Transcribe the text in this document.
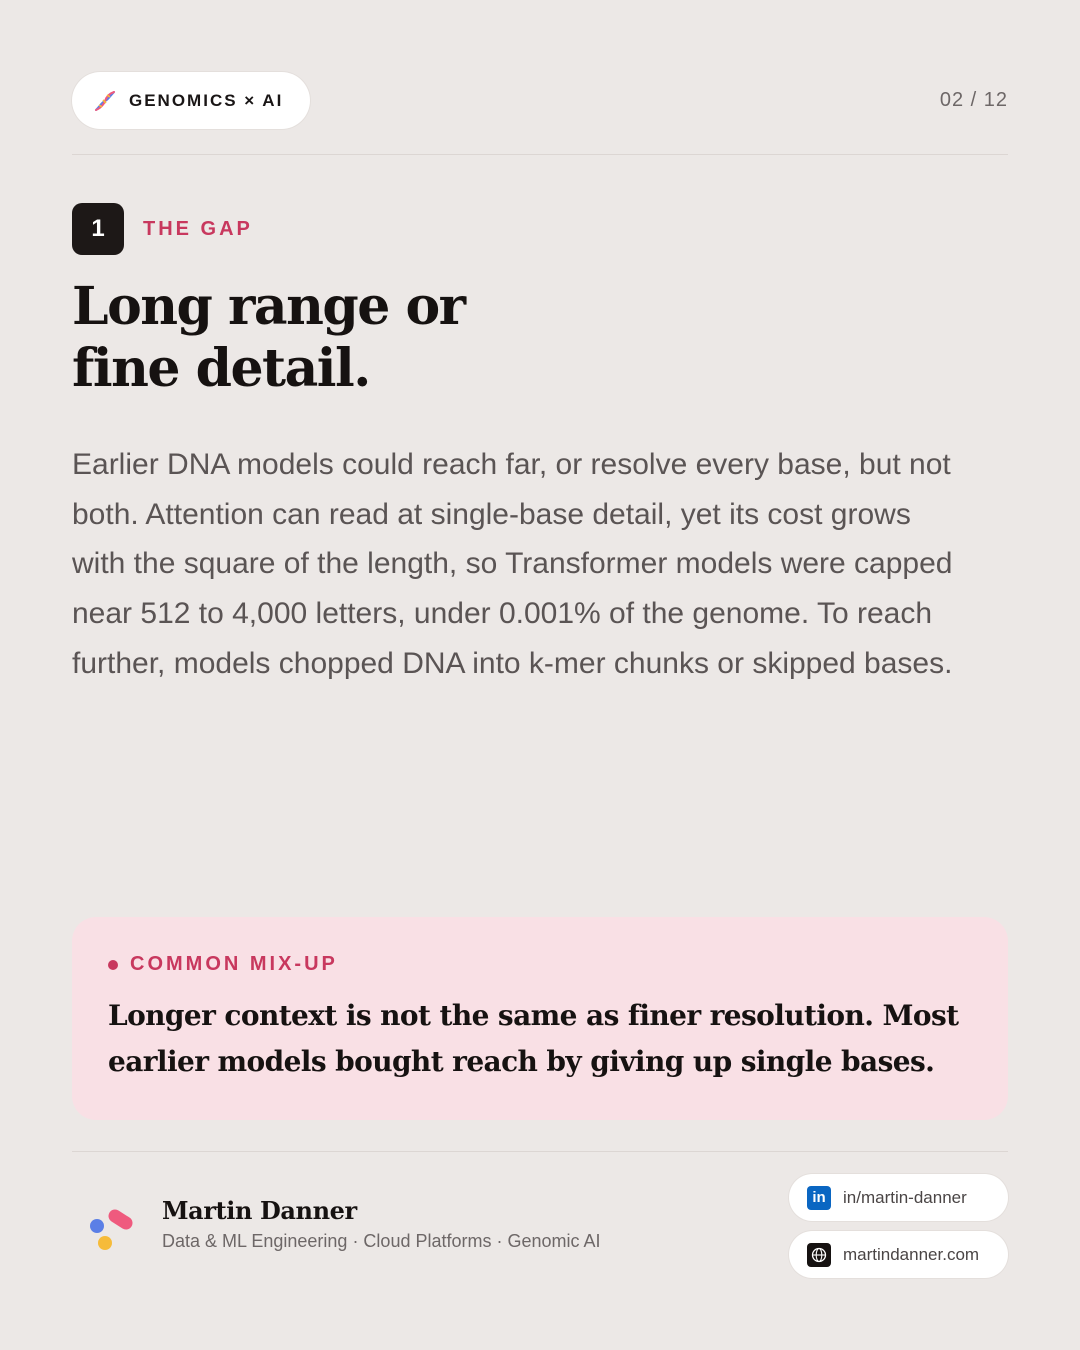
GENOMICS × AI	02 / 12
1	THE GAP
Long range or
fine detail.

Earlier DNA models could reach far, or resolve every base, but not both. Attention can read at single-base detail, yet its cost grows with the square of the length, so Transformer models were capped near 512 to 4,000 letters, under 0.001% of the genome. To reach further, models chopped DNA into k-mer chunks or skipped bases.

COMMON MIX-UP

Longer context is not the same as finer resolution. Most earlier models bought reach by giving up single bases.

Martin Danner
Data & ML Engineering · Cloud Platforms · Genomic AI
in	in/martin-danner
martindanner.com
